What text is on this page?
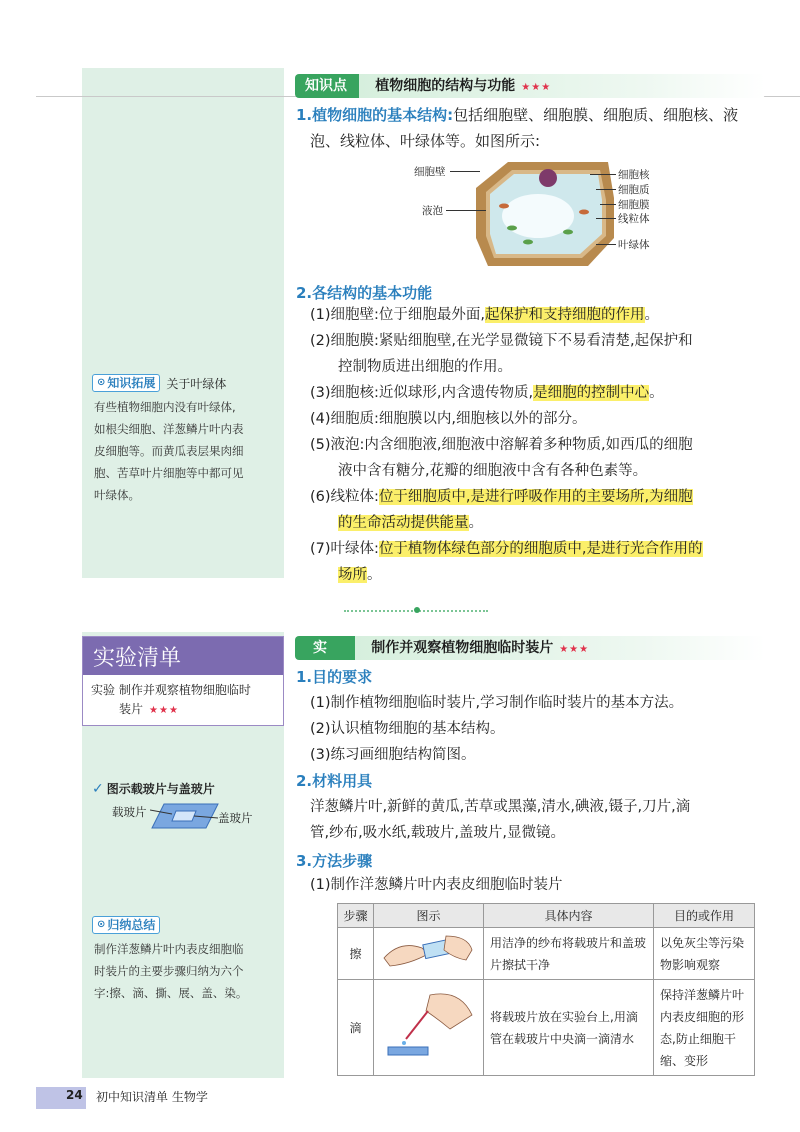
知识点	植物细胞的结构与功能 ★★★
1.植物细胞的基本结构:包括细胞壁、细胞膜、细胞质、细胞核、液
泡、线粒体、叶绿体等。如图所示:
细胞壁
液泡
细胞核
细胞质
细胞膜
线粒体
叶绿体
2.各结构的基本功能
(1)细胞壁:位于细胞最外面,起保护和支持细胞的作用。
(2)细胞膜:紧贴细胞壁,在光学显微镜下不易看清楚,起保护和
控制物质进出细胞的作用。
(3)细胞核:近似球形,内含遗传物质,是细胞的控制中心。
(4)细胞质:细胞膜以内,细胞核以外的部分。
(5)液泡:内含细胞液,细胞液中溶解着多种物质,如西瓜的细胞
液中含有糖分,花瓣的细胞液中含有各种色素等。
(6)线粒体:位于细胞质中,是进行呼吸作用的主要场所,为细胞
的生命活动提供能量。
(7)叶绿体:位于植物体绿色部分的细胞质中,是进行光合作用的
场所。
⊙ 知识拓展 关于叶绿体
有些植物细胞内没有叶绿体,
如根尖细胞、洋葱鳞片叶内表
皮细胞等。而黄瓜表层果肉细
胞、苦草叶片细胞等中都可见
叶绿体。
实验清单
实验 制作并观察植物细胞临时
装片 ★★★
实	制作并观察植物细胞临时装片 ★★★
1.目的要求
(1)制作植物细胞临时装片,学习制作临时装片的基本方法。
(2)认识植物细胞的基本结构。
(3)练习画细胞结构简图。
2.材料用具
洋葱鳞片叶,新鲜的黄瓜,苦草或黑藻,清水,碘液,镊子,刀片,滴
管,纱布,吸水纸,载玻片,盖玻片,显微镜。
3.方法步骤
(1)制作洋葱鳞片叶内表皮细胞临时装片
✓ 图示载玻片与盖玻片
载玻片	盖玻片
⊙ 归纳总结
制作洋葱鳞片叶内表皮细胞临
时装片的主要步骤归纳为六个
字:擦、滴、撕、展、盖、染。
步骤	图示	具体内容	目的或作用
擦		用洁净的纱布将载玻片和盖玻片擦拭干净	以免灰尘等污染物影响观察
滴		将载玻片放在实验台上,用滴管在载玻片中央滴一滴清水	保持洋葱鳞片叶内表皮细胞的形态,防止细胞干缩、变形
24 初中知识清单 生物学
